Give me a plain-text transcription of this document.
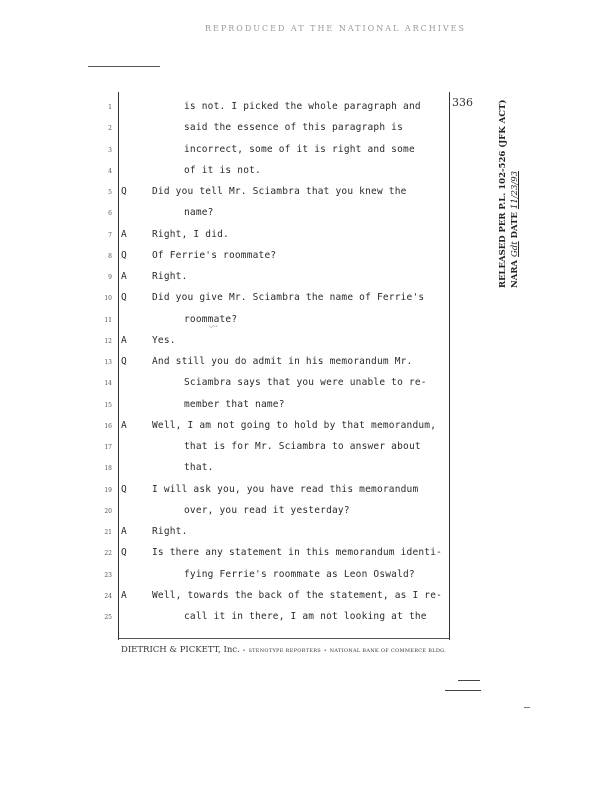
REPRODUCED AT THE NATIONAL ARCHIVES
336
1	is not. I picked the whole paragraph and
2	said the essence of this paragraph is
3	incorrect, some of it is right and some
4	of it is not.
5 Q	Did you tell Mr. Sciambra that you knew the
6	name?
7 A	Right, I did.
8 Q	Of Ferrie's roommate?
9 A	Right.
10 Q	Did you give Mr. Sciambra the name of Ferrie's
11	roommate?
12 A	Yes.
13 Q	And still you do admit in his memorandum Mr.
14	Sciambra says that you were unable to re-
15	member that name?
16 A	Well, I am not going to hold by that memorandum,
17	that is for Mr. Sciambra to answer about
18	that.
19 Q	I will ask you, you have read this memorandum
20	over, you read it yesterday?
21 A	Right.
22 Q	Is there any statement in this memorandum identi-
23	fying Ferrie's roommate as Leon Oswald?
24 A	Well, towards the back of the statement, as I re-
25	call it in there, I am not looking at the
~ᵐᵉ
RELEASED PER P.L. 102-526 (JFK ACT) NARA Gdt DATE 11/23/93
DIETRICH & PICKETT, Inc. • STENOTYPE REPORTERS • NATIONAL BANK OF COMMERCE BLDG.
